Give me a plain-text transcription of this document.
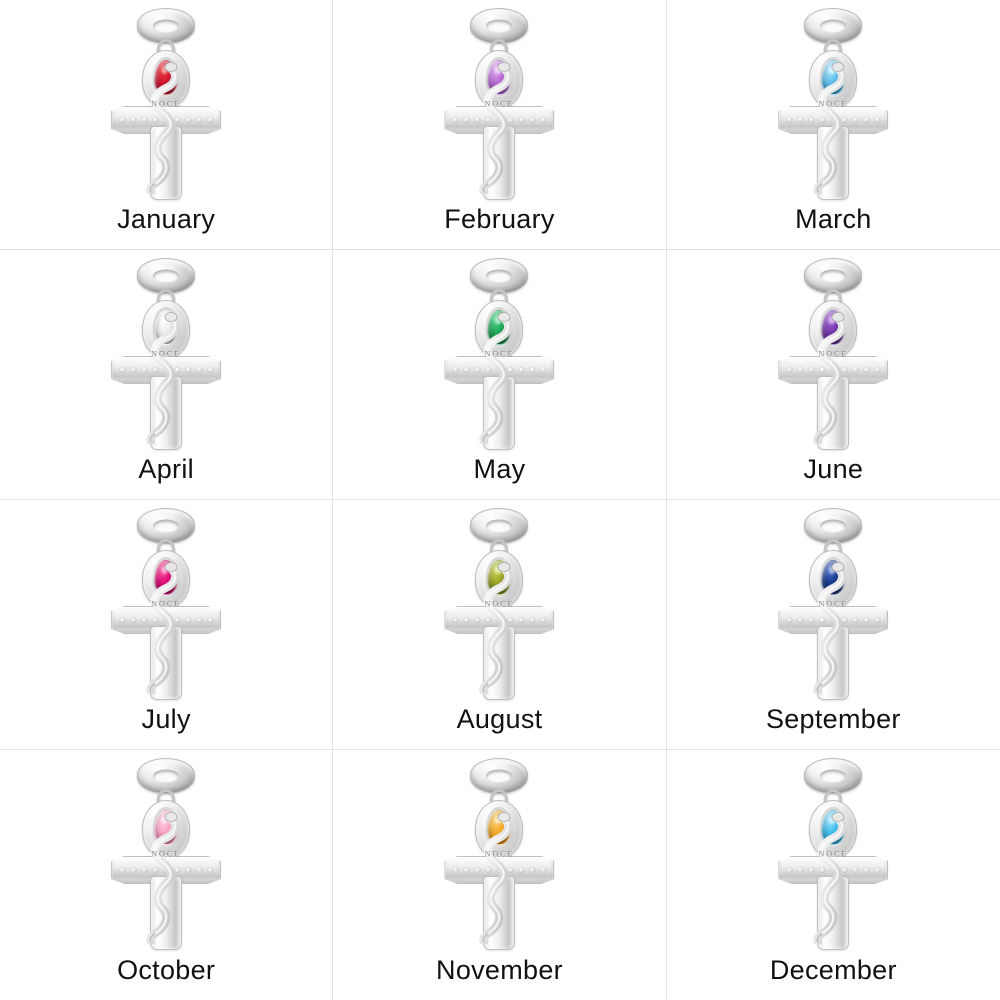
NOCE
January
NOCE
February
NOCE
March
NOCE
April
NOCE
May
NOCE
June
NOCE
July
NOCE
August
NOCE
September
NOCE
October
NOCE
November
NOCE
December
